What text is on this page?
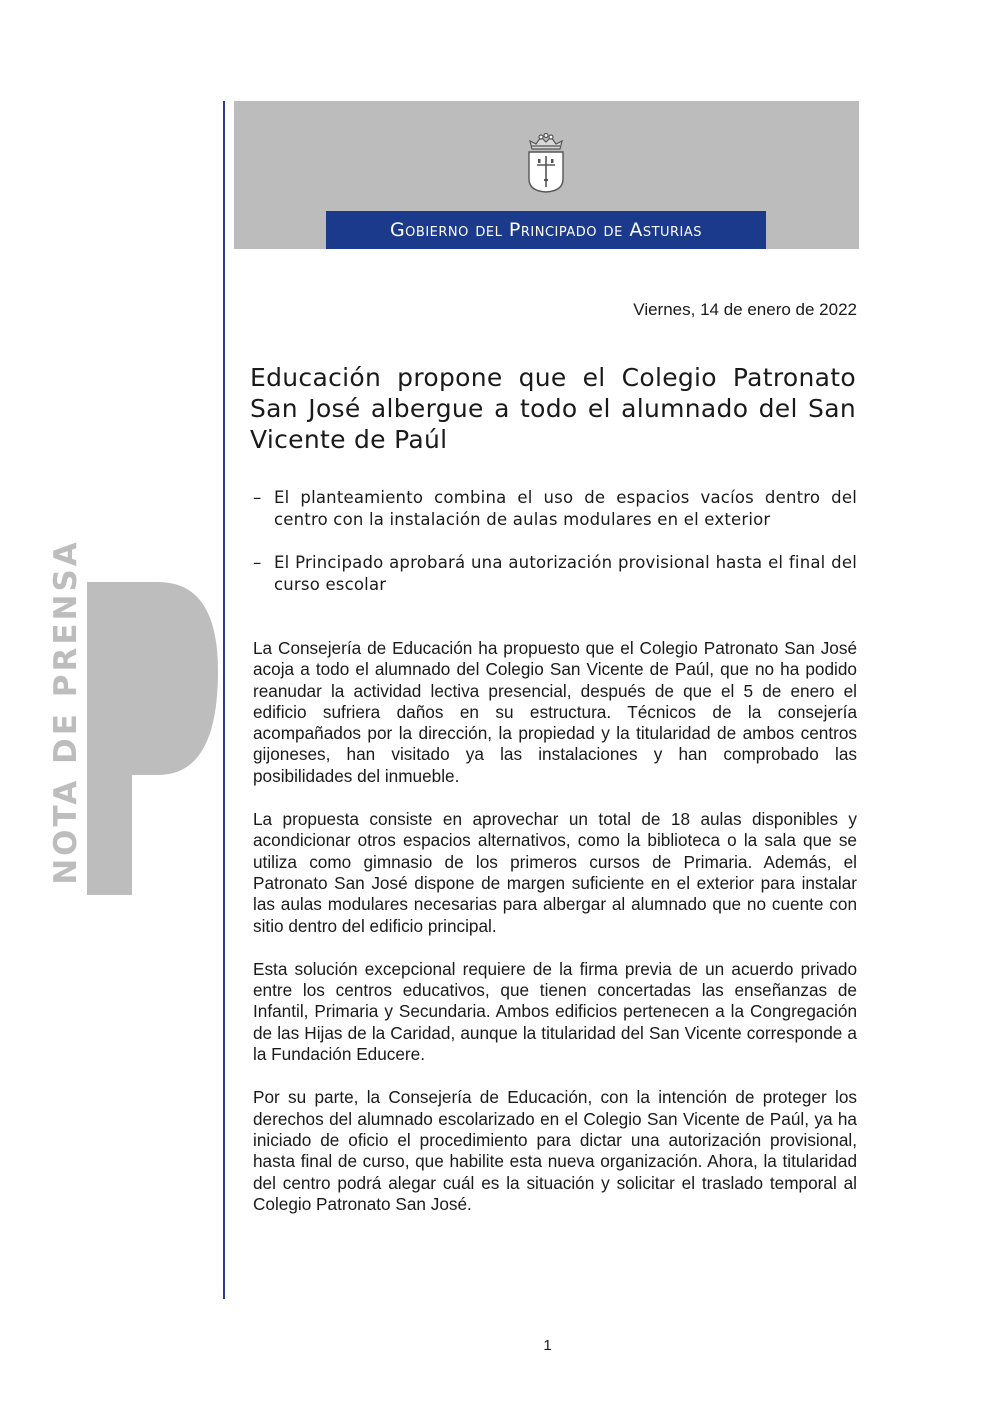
Gobierno del Principado de Asturias
NOTA DE PRENSA
Viernes, 14 de enero de 2022
Educación propone que el Colegio Patronato San José albergue a todo el alumnado del San Vicente de Paúl
– El planteamiento combina el uso de espacios vacíos dentro del centro con la instalación de aulas modulares en el exterior
– El Principado aprobará una autorización provisional hasta el final del curso escolar

La Consejería de Educación ha propuesto que el Colegio Patronato San José acoja a todo el alumnado del Colegio San Vicente de Paúl, que no ha podido reanudar la actividad lectiva presencial, después de que el 5 de enero el edificio sufriera daños en su estructura. Técnicos de la consejería acompañados por la dirección, la propiedad y la titularidad de ambos centros gijoneses, han visitado ya las instalaciones y han comprobado las posibilidades del inmueble.

La propuesta consiste en aprovechar un total de 18 aulas disponibles y acondicionar otros espacios alternativos, como la biblioteca o la sala que se utiliza como gimnasio de los primeros cursos de Primaria. Además, el Patronato San José dispone de margen suficiente en el exterior para instalar las aulas modulares necesarias para albergar al alumnado que no cuente con sitio dentro del edificio principal.

Esta solución excepcional requiere de la firma previa de un acuerdo privado entre los centros educativos, que tienen concertadas las enseñanzas de Infantil, Primaria y Secundaria. Ambos edificios pertenecen a la Congregación de las Hijas de la Caridad, aunque la titularidad del San Vicente corresponde a la Fundación Educere.

Por su parte, la Consejería de Educación, con la intención de proteger los derechos del alumnado escolarizado en el Colegio San Vicente de Paúl, ya ha iniciado de oficio el procedimiento para dictar una autorización provisional, hasta final de curso, que habilite esta nueva organización. Ahora, la titularidad del centro podrá alegar cuál es la situación y solicitar el traslado temporal al Colegio Patronato San José.

1
